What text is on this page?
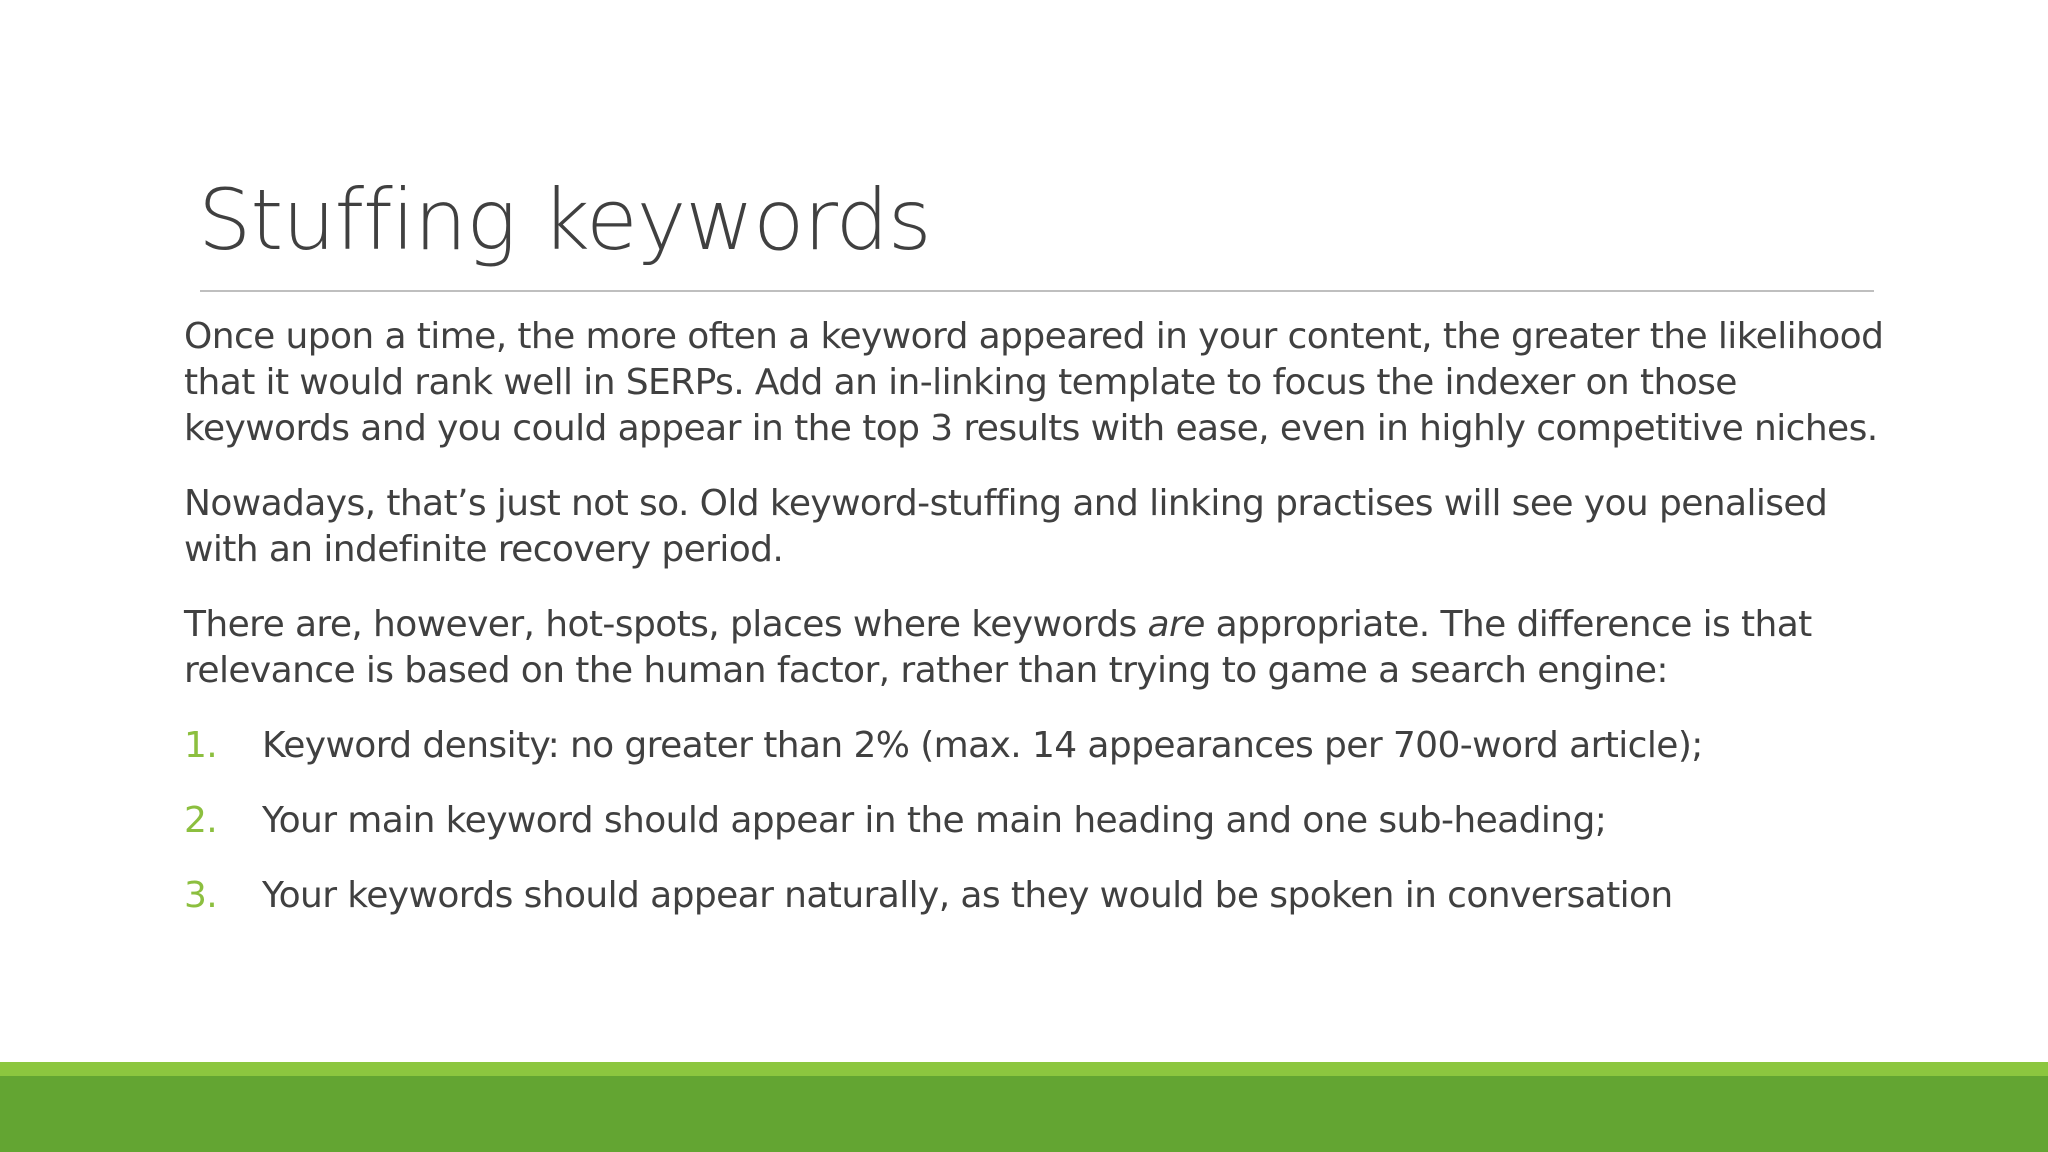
Stuffing keywords

Once upon a time, the more often a keyword appeared in your content, the greater the likelihood that it would rank well in SERPs. Add an in-linking template to focus the indexer on those keywords and you could appear in the top 3 results with ease, even in highly competitive niches.

Nowadays, that’s just not so. Old keyword-stuffing and linking practises will see you penalised with an indefinite recovery period.

There are, however, hot-spots, places where keywords are appropriate. The difference is that relevance is based on the human factor, rather than trying to game a search engine:

1.	Keyword density: no greater than 2% (max. 14 appearances per 700-word article);
2.	Your main keyword should appear in the main heading and one sub-heading;
3.	Your keywords should appear naturally, as they would be spoken in conversation
